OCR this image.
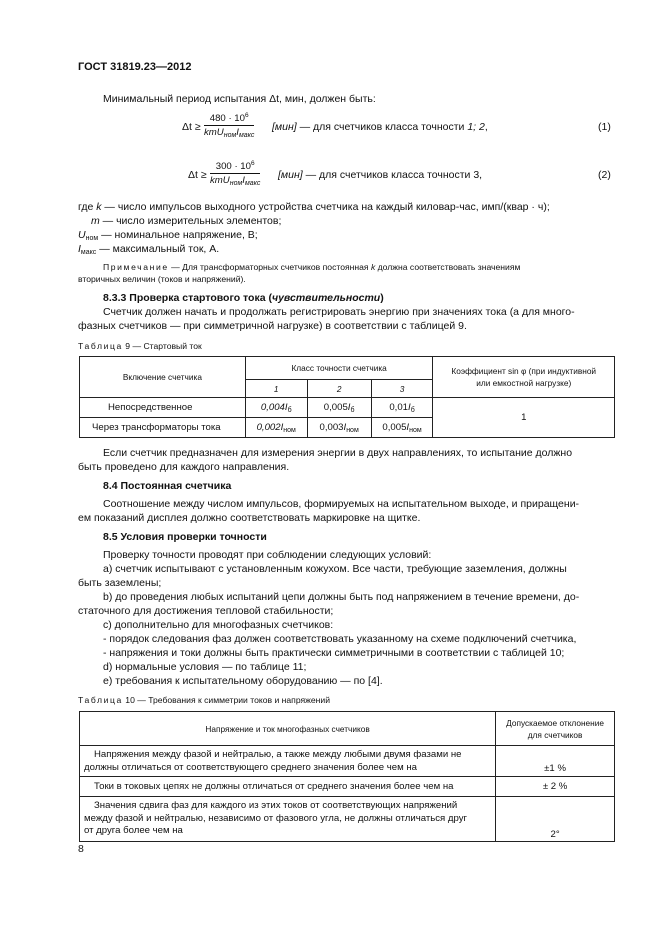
ГОСТ 31819.23—2012
Минимальный период испытания Δt, мин, должен быть:
Δt ≥
$480 \cdot 10^6$
$kmU_{ном}I_{макс}$
[мин] — для счетчиков класса точности 1; 2,	(1)
Δt ≥
$300 \cdot 10^6$
$kmU_{ном}I_{макс}$
[мин] — для счетчиков класса точности 3,	(2)
где k — число импульсов выходного устройства счетчика на каждый киловар-час, имп/(квар · ч);
m — число измерительных элементов;
$U_{ном}$ — номинальное напряжение, В;
$I_{макс}$ — максимальный ток, А.
Примечание — Для трансформаторных счетчиков постоянная k должна соответствовать значениям
вторичных величин (токов и напряжений).
8.3.3 Проверка стартового тока (чувствительности)
Счетчик должен начать и продолжать регистрировать энергию при значениях тока (а для много-
фазных счетчиков — при симметричной нагрузке) в соответствии с таблицей 9.
Таблица 9 — Стартовый ток
Включение счетчика	Класс точности счетчика			Коэффициент sin φ (при индуктивной
или емкостной нагрузке)
	1	2	3	
Непосредственное	$0,004I_б$	$0,005I_б$	$0,01I_б$	1
Через трансформаторы тока	$0,002I_{ном}$	$0,003I_{ном}$	$0,005I_{ном}$
Если счетчик предназначен для измерения энергии в двух направлениях, то испытание должно
быть проведено для каждого направления.
8.4 Постоянная счетчика
Соотношение между числом импульсов, формируемых на испытательном выходе, и приращени-
ем показаний дисплея должно соответствовать маркировке на щитке.
8.5 Условия проверки точности
Проверку точности проводят при соблюдении следующих условий:
а) счетчик испытывают с установленным кожухом. Все части, требующие заземления, должны
быть заземлены;
b) до проведения любых испытаний цепи должны быть под напряжением в течение времени, до-
статочного для достижения тепловой стабильности;
c) дополнительно для многофазных счетчиков:
- порядок следования фаз должен соответствовать указанному на схеме подключений счетчика,
- напряжения и токи должны быть практически симметричными в соответствии с таблицей 10;
d) нормальные условия — по таблице 11;
e) требования к испытательному оборудованию — по [4].
Таблица 10 — Требования к симметрии токов и напряжений
Напряжение и ток многофазных счетчиков	Допускаемое отклонение
для счетчиков
Напряжения между фазой и нейтралью, а также между любыми двумя фазами не
должны отличаться от соответствующего среднего значения более чем на	±1 %
Токи в токовых цепях не должны отличаться от среднего значения более чем на	± 2 %
Значения сдвига фаз для каждого из этих токов от соответствующих напряжений
между фазой и нейтралью, независимо от фазового угла, не должны отличаться друг
от друга более чем на	2°
8
